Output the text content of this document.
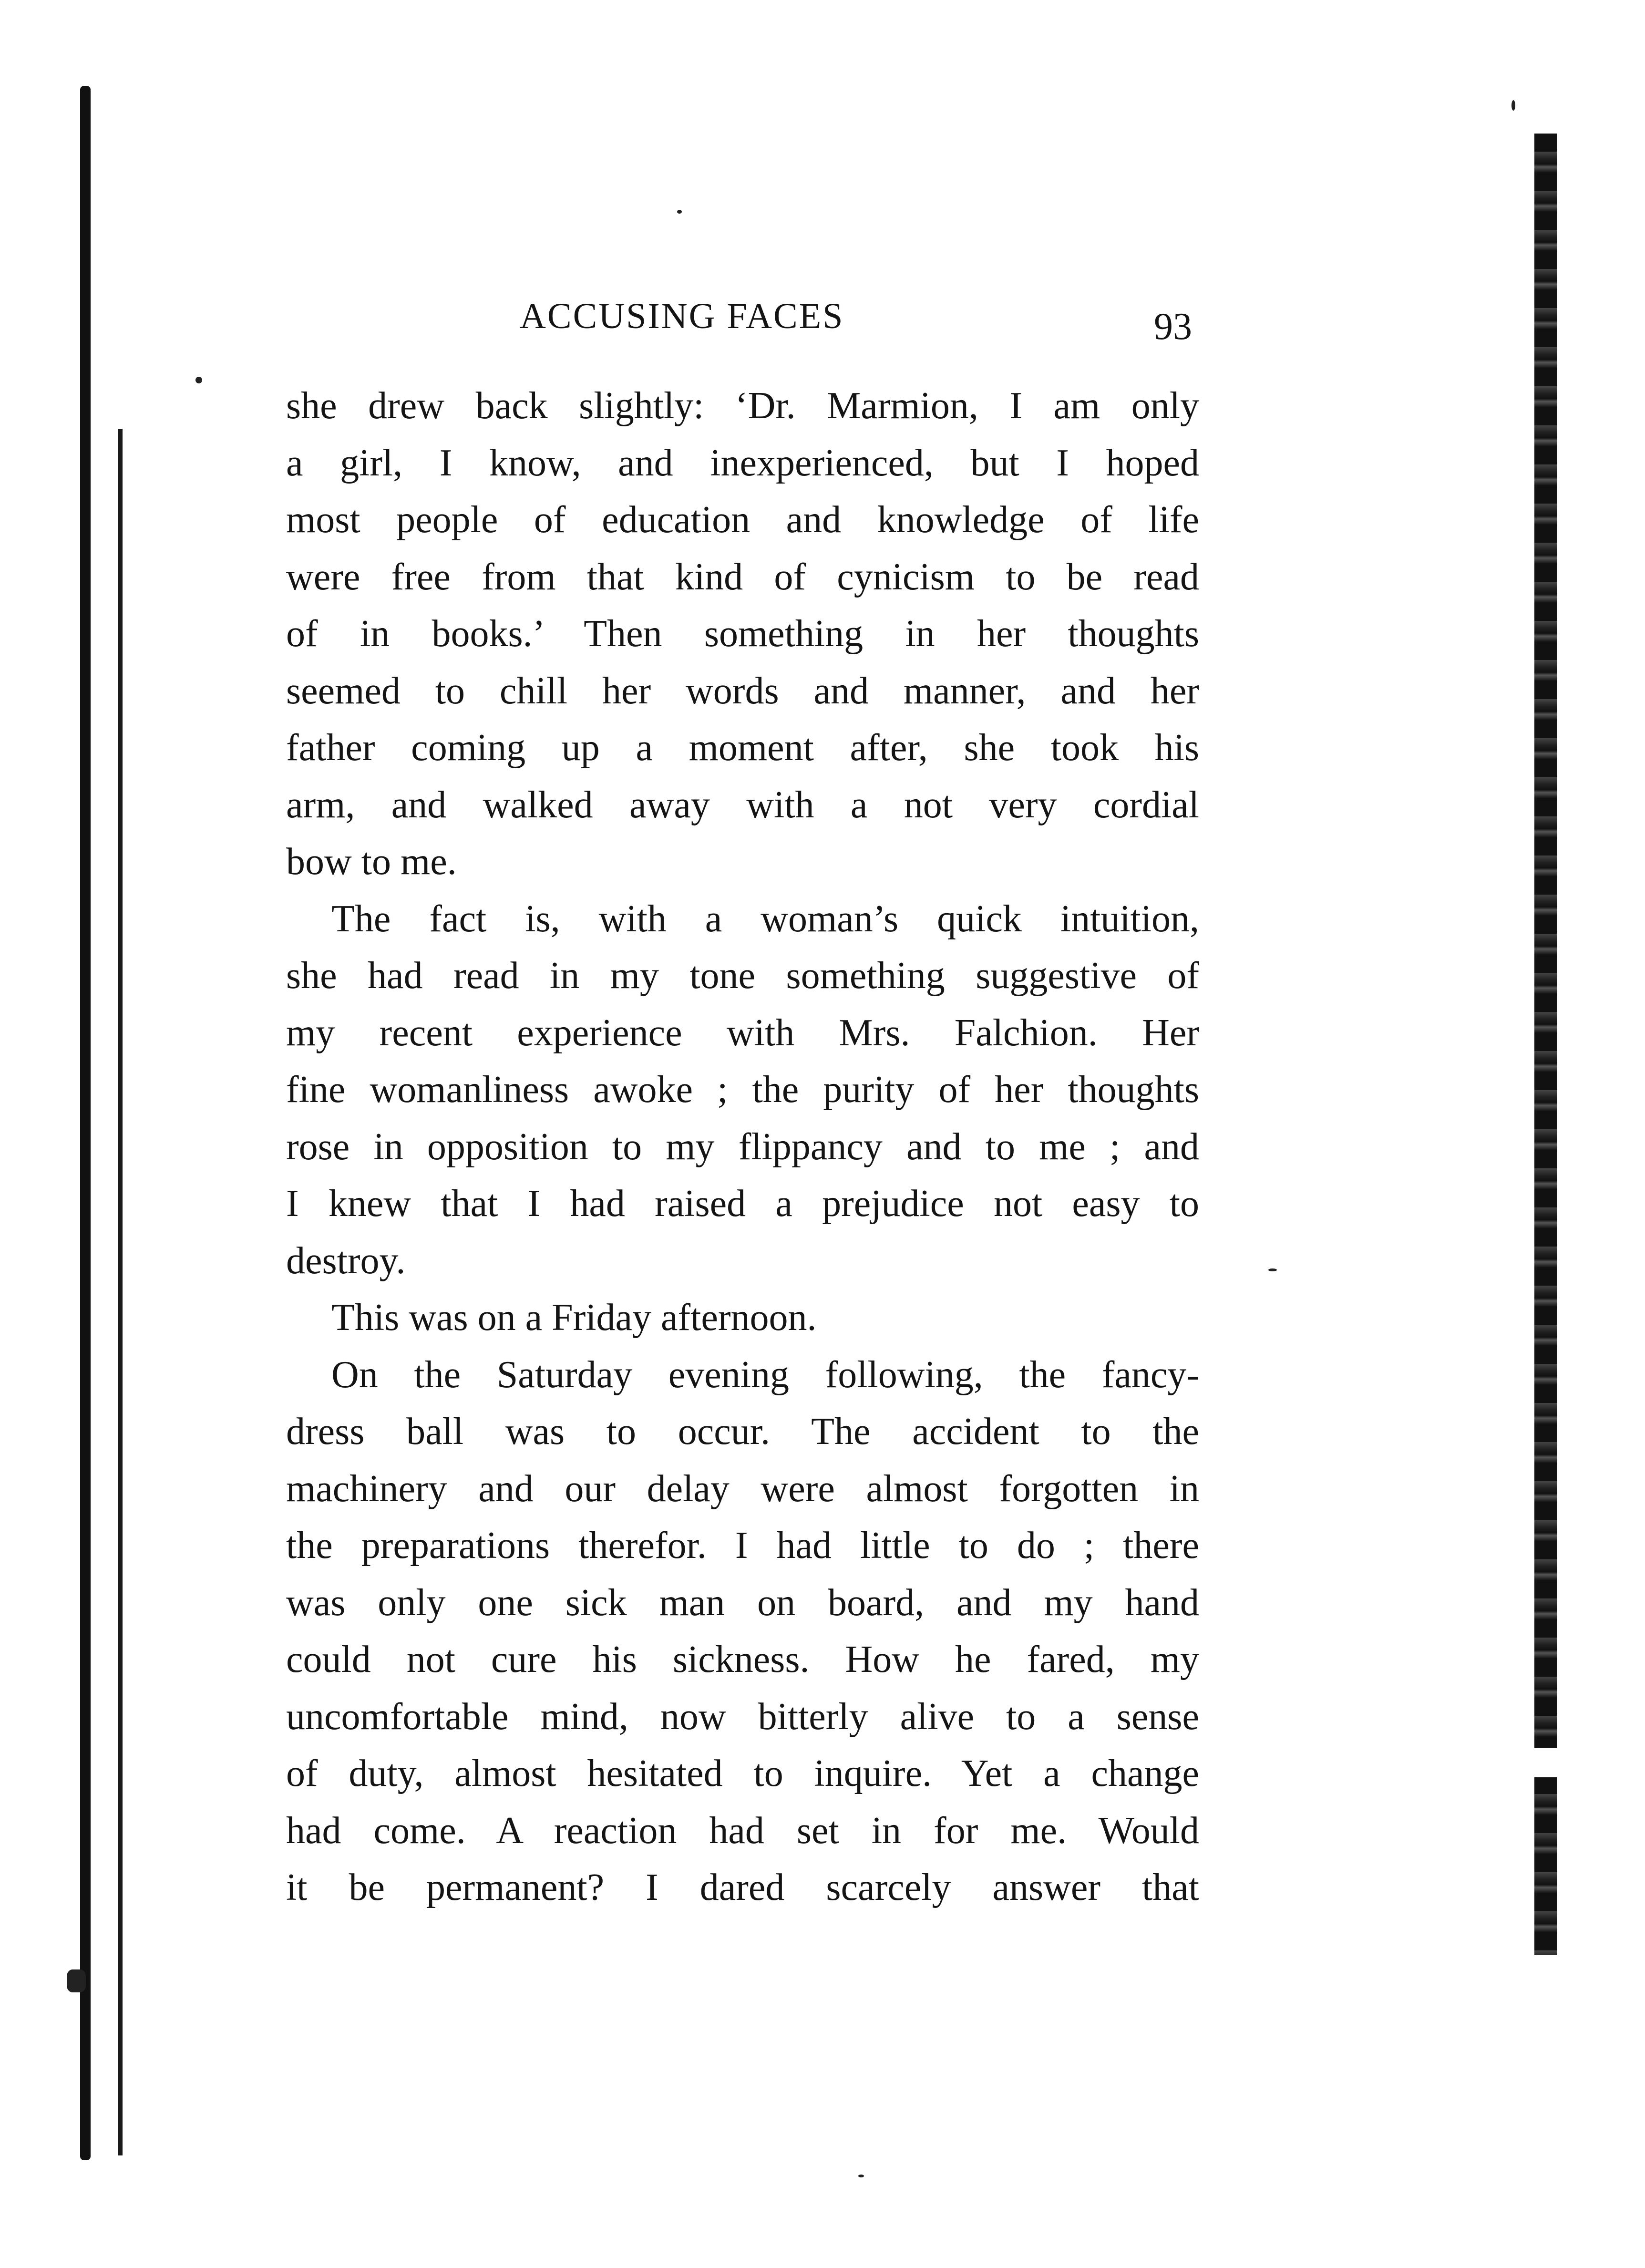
ACCUSING FACES	93
she drew back slightly: ‘Dr. Marmion, I am only
a girl, I know, and inexperienced, but I hoped
most people of education and knowledge of life
were free from that kind of cynicism to be read
of in books.’ Then something in her thoughts
seemed to chill her words and manner, and her
father coming up a moment after, she took his
arm, and walked away with a not very cordial
bow to me.
The fact is, with a woman’s quick intuition,
she had read in my tone something suggestive of
my recent experience with Mrs. Falchion. Her
fine womanliness awoke ; the purity of her thoughts
rose in opposition to my flippancy and to me ; and
I knew that I had raised a prejudice not easy to
destroy.
This was on a Friday afternoon.
On the Saturday evening following, the fancy-
dress ball was to occur. The accident to the
machinery and our delay were almost forgotten in
the preparations therefor. I had little to do ; there
was only one sick man on board, and my hand
could not cure his sickness. How he fared, my
uncomfortable mind, now bitterly alive to a sense
of duty, almost hesitated to inquire. Yet a change
had come. A reaction had set in for me. Would
it be permanent? I dared scarcely answer that
